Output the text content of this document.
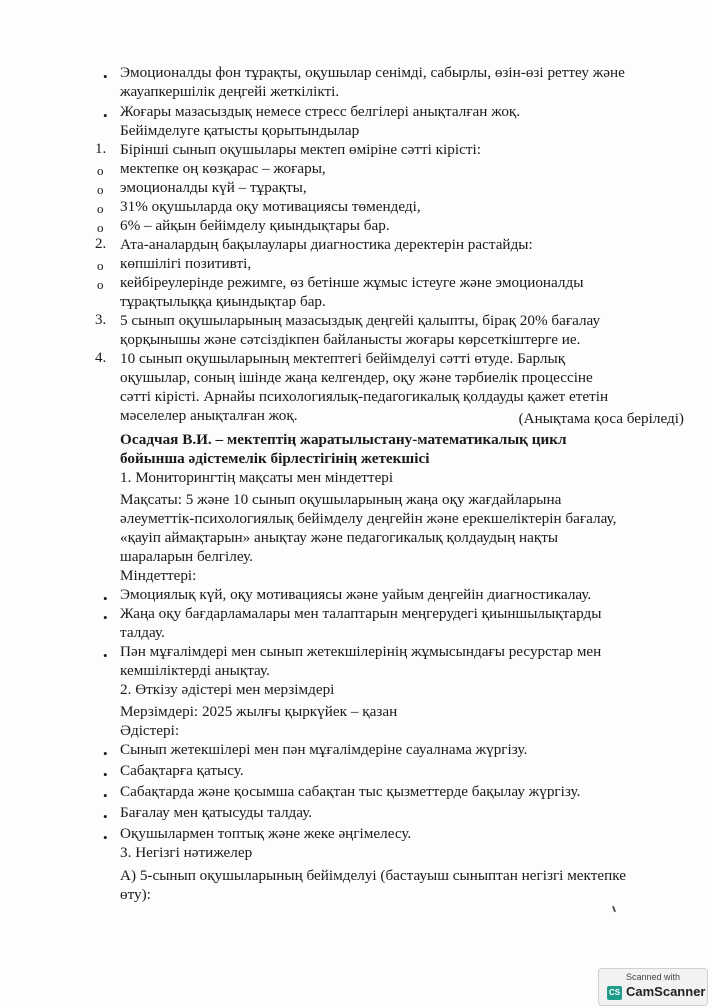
• Эмоционалды фон тұрақты, оқушылар сенімді, сабырлы, өзін-өзі реттеу және
жауапкершілік деңгейі жеткілікті.
• Жоғары мазасыздық немесе стресс белгілері анықталған жоқ.
Бейімделуге қатысты қорытындылар
1. Бірінші сынып оқушылары мектеп өміріне сәтті кірісті:
o мектепке оң көзқарас – жоғары,
o эмоционалды күй – тұрақты,
o 31% оқушыларда оқу мотивациясы төмендеді,
o 6% – айқын бейімделу қиындықтары бар.
2. Ата-аналардың бақылаулары диагностика деректерін растайды:
o көпшілігі позитивті,
o кейбіреулерінде режимге, өз бетінше жұмыс істеуге және эмоционалды
тұрақтылыққа қиындықтар бар.
3. 5 сынып оқушыларының мазасыздық деңгейі қалыпты, бірақ 20% бағалау
қорқынышы және сәтсіздікпен байланысты жоғары көрсеткіштерге ие.
4. 10 сынып оқушыларының мектептегі бейімделуі сәтті өтуде. Барлық
оқушылар, соның ішінде жаңа келгендер, оқу және тәрбиелік процессіне
сәтті кірісті. Арнайы психологиялық-педагогикалық қолдауды қажет ететін
мәселелер анықталған жоқ.	(Анықтама қоса беріледі)
Осадчая В.И. – мектептің жаратылыстану-математикалық цикл
бойынша әдістемелік бірлестігінің жетекшісі
1. Мониторингтің мақсаты мен міндеттері
Мақсаты: 5 және 10 сынып оқушыларының жаңа оқу жағдайларына
әлеуметтік-психологиялық бейімделу деңгейін және ерекшеліктерін бағалау,
«қауіп аймақтарын» анықтау және педагогикалық қолдаудың нақты
шараларын белгілеу.
Міндеттері:
• Эмоциялық күй, оқу мотивациясы және уайым деңгейін диагностикалау.
• Жаңа оқу бағдарламалары мен талаптарын меңгерудегі қиыншылықтарды
талдау.
• Пән мұғалімдері мен сынып жетекшілерінің жұмысындағы ресурстар мен
кемшіліктерді анықтау.
2. Өткізу әдістері мен мерзімдері
Мерзімдері: 2025 жылғы қыркүйек – қазан
Әдістері:
• Сынып жетекшілері мен пән мұғалімдеріне сауалнама жүргізу.
• Сабақтарға қатысу.
• Сабақтарда және қосымша сабақтан тыс қызметтерде бақылау жүргізу.
• Бағалау мен қатысуды талдау.
• Оқушылармен топтық және жеке әңгімелесу.
3. Негізгі нәтижелер
А) 5-сынып оқушыларының бейімделуі (бастауыш сыныптан негізгі мектепке
өту):
Scanned with
CS CamScanner
